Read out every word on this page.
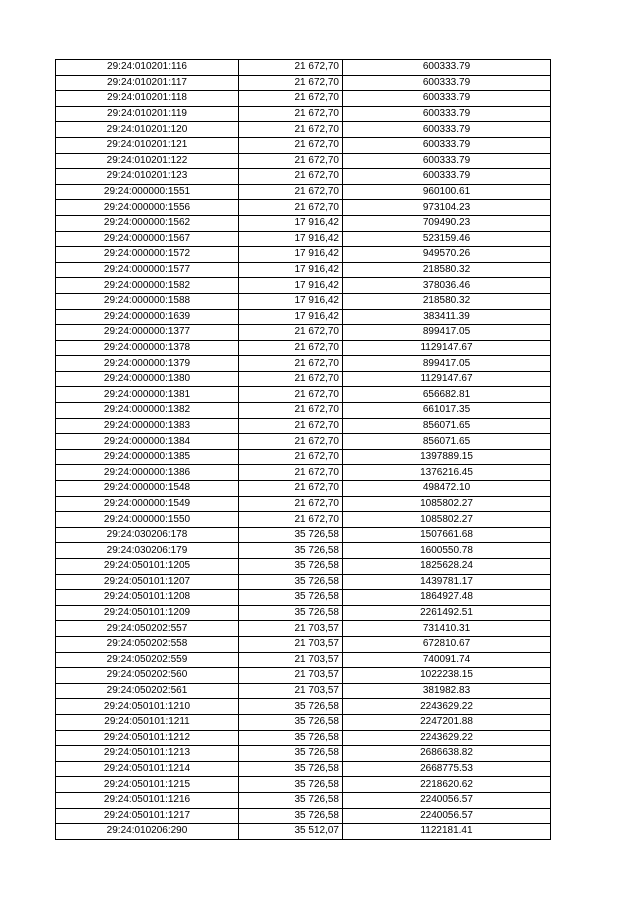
29:24:010201:116	21 672,70	600333.79
29:24:010201:117	21 672,70	600333.79
29:24:010201:118	21 672,70	600333.79
29:24:010201:119	21 672,70	600333.79
29:24:010201:120	21 672,70	600333.79
29:24:010201:121	21 672,70	600333.79
29:24:010201:122	21 672,70	600333.79
29:24:010201:123	21 672,70	600333.79
29:24:000000:1551	21 672,70	960100.61
29:24:000000:1556	21 672,70	973104.23
29:24:000000:1562	17 916,42	709490.23
29:24:000000:1567	17 916,42	523159.46
29:24:000000:1572	17 916,42	949570.26
29:24:000000:1577	17 916,42	218580.32
29:24:000000:1582	17 916,42	378036.46
29:24:000000:1588	17 916,42	218580.32
29:24:000000:1639	17 916,42	383411.39
29:24:000000:1377	21 672,70	899417.05
29:24:000000:1378	21 672,70	1129147.67
29:24:000000:1379	21 672,70	899417.05
29:24:000000:1380	21 672,70	1129147.67
29:24:000000:1381	21 672,70	656682.81
29:24:000000:1382	21 672,70	661017.35
29:24:000000:1383	21 672,70	856071.65
29:24:000000:1384	21 672,70	856071.65
29:24:000000:1385	21 672,70	1397889.15
29:24:000000:1386	21 672,70	1376216.45
29:24:000000:1548	21 672,70	498472.10
29:24:000000:1549	21 672,70	1085802.27
29:24:000000:1550	21 672,70	1085802.27
29:24:030206:178	35 726,58	1507661.68
29:24:030206:179	35 726,58	1600550.78
29:24:050101:1205	35 726,58	1825628.24
29:24:050101:1207	35 726,58	1439781.17
29:24:050101:1208	35 726,58	1864927.48
29:24:050101:1209	35 726,58	2261492.51
29:24:050202:557	21 703,57	731410.31
29:24:050202:558	21 703,57	672810.67
29:24:050202:559	21 703,57	740091.74
29:24:050202:560	21 703,57	1022238.15
29:24:050202:561	21 703,57	381982.83
29:24:050101:1210	35 726,58	2243629.22
29:24:050101:1211	35 726,58	2247201.88
29:24:050101:1212	35 726,58	2243629.22
29:24:050101:1213	35 726,58	2686638.82
29:24:050101:1214	35 726,58	2668775.53
29:24:050101:1215	35 726,58	2218620.62
29:24:050101:1216	35 726,58	2240056.57
29:24:050101:1217	35 726,58	2240056.57
29:24:010206:290	35 512,07	1122181.41
